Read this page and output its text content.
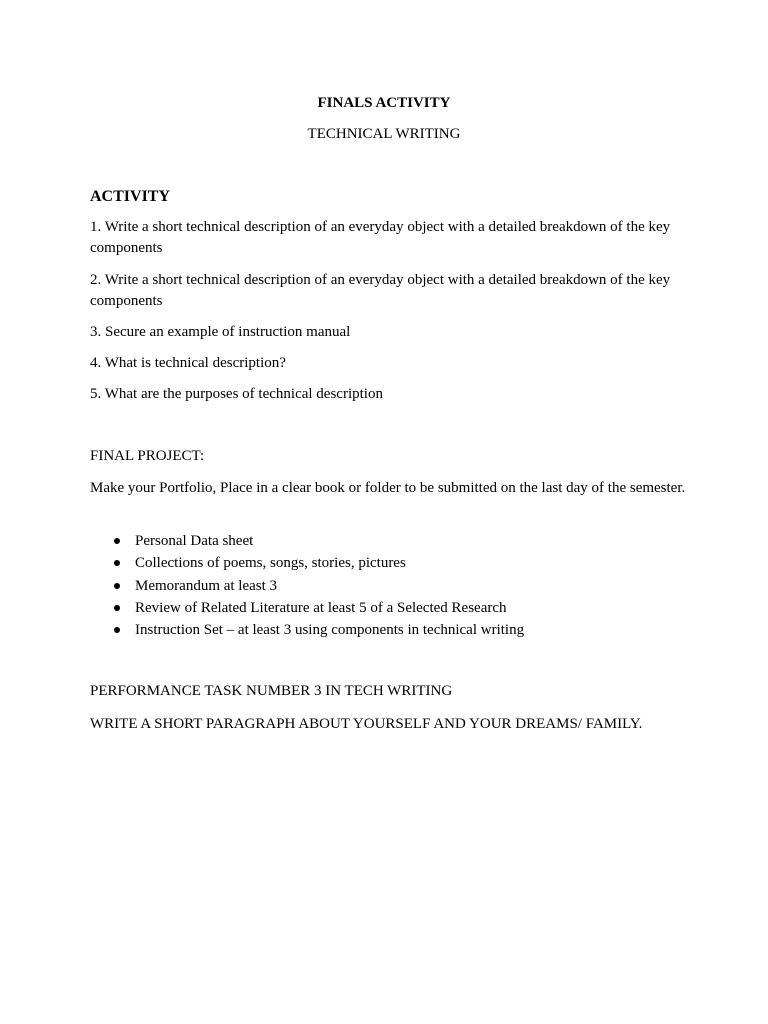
FINALS ACTIVITY
TECHNICAL WRITING
ACTIVITY
1. Write a short technical description of an everyday object with a detailed breakdown of the key components
2. Write a short technical description of an everyday object with a detailed breakdown of the key components
3. Secure an example of instruction manual
4. What is technical description?
5. What are the purposes of technical description
FINAL PROJECT:
Make your Portfolio, Place in a clear book or folder to be submitted on the last day of the semester.
Personal Data sheet
Collections of poems, songs, stories, pictures
Memorandum at least 3
Review of Related Literature at least 5 of a Selected Research
Instruction Set – at least 3 using components in technical writing
PERFORMANCE TASK NUMBER 3 IN TECH WRITING
WRITE A SHORT PARAGRAPH ABOUT YOURSELF AND YOUR DREAMS/ FAMILY.
